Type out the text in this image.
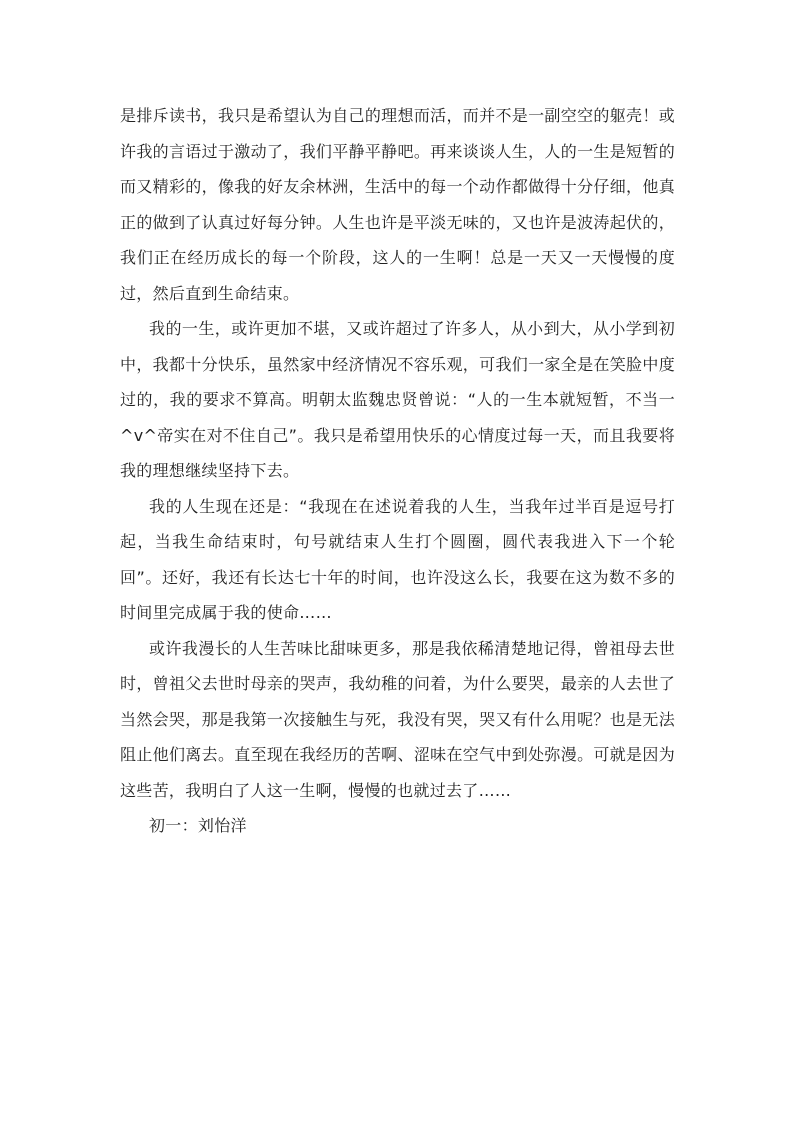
是排斥读书，我只是希望认为自己的理想而活，而并不是一副空空的躯壳！或许我的言语过于激动了，我们平静平静吧。再来谈谈人生，人的一生是短暂的而又精彩的，像我的好友余林洲，生活中的每一个动作都做得十分仔细，他真正的做到了认真过好每分钟。人生也许是平淡无味的，又也许是波涛起伏的，我们正在经历成长的每一个阶段，这人的一生啊！总是一天又一天慢慢的度过，然后直到生命结束。

我的一生，或许更加不堪，又或许超过了许多人，从小到大，从小学到初中，我都十分快乐，虽然家中经济情况不容乐观，可我们一家全是在笑脸中度过的，我的要求不算高。明朝太监魏忠贤曾说：“人的一生本就短暂，不当一^v^帝实在对不住自己”。我只是希望用快乐的心情度过每一天，而且我要将我的理想继续坚持下去。

我的人生现在还是：“我现在在述说着我的人生，当我年过半百是逗号打起，当我生命结束时，句号就结束人生打个圆圈，圆代表我进入下一个轮回”。还好，我还有长达七十年的时间，也许没这么长，我要在这为数不多的时间里完成属于我的使命……

或许我漫长的人生苦味比甜味更多，那是我依稀清楚地记得，曾祖母去世时，曾祖父去世时母亲的哭声，我幼稚的问着，为什么要哭，最亲的人去世了当然会哭，那是我第一次接触生与死，我没有哭，哭又有什么用呢？也是无法阻止他们离去。直至现在我经历的苦啊、涩味在空气中到处弥漫。可就是因为这些苦，我明白了人这一生啊，慢慢的也就过去了……

初一：刘怡洋
